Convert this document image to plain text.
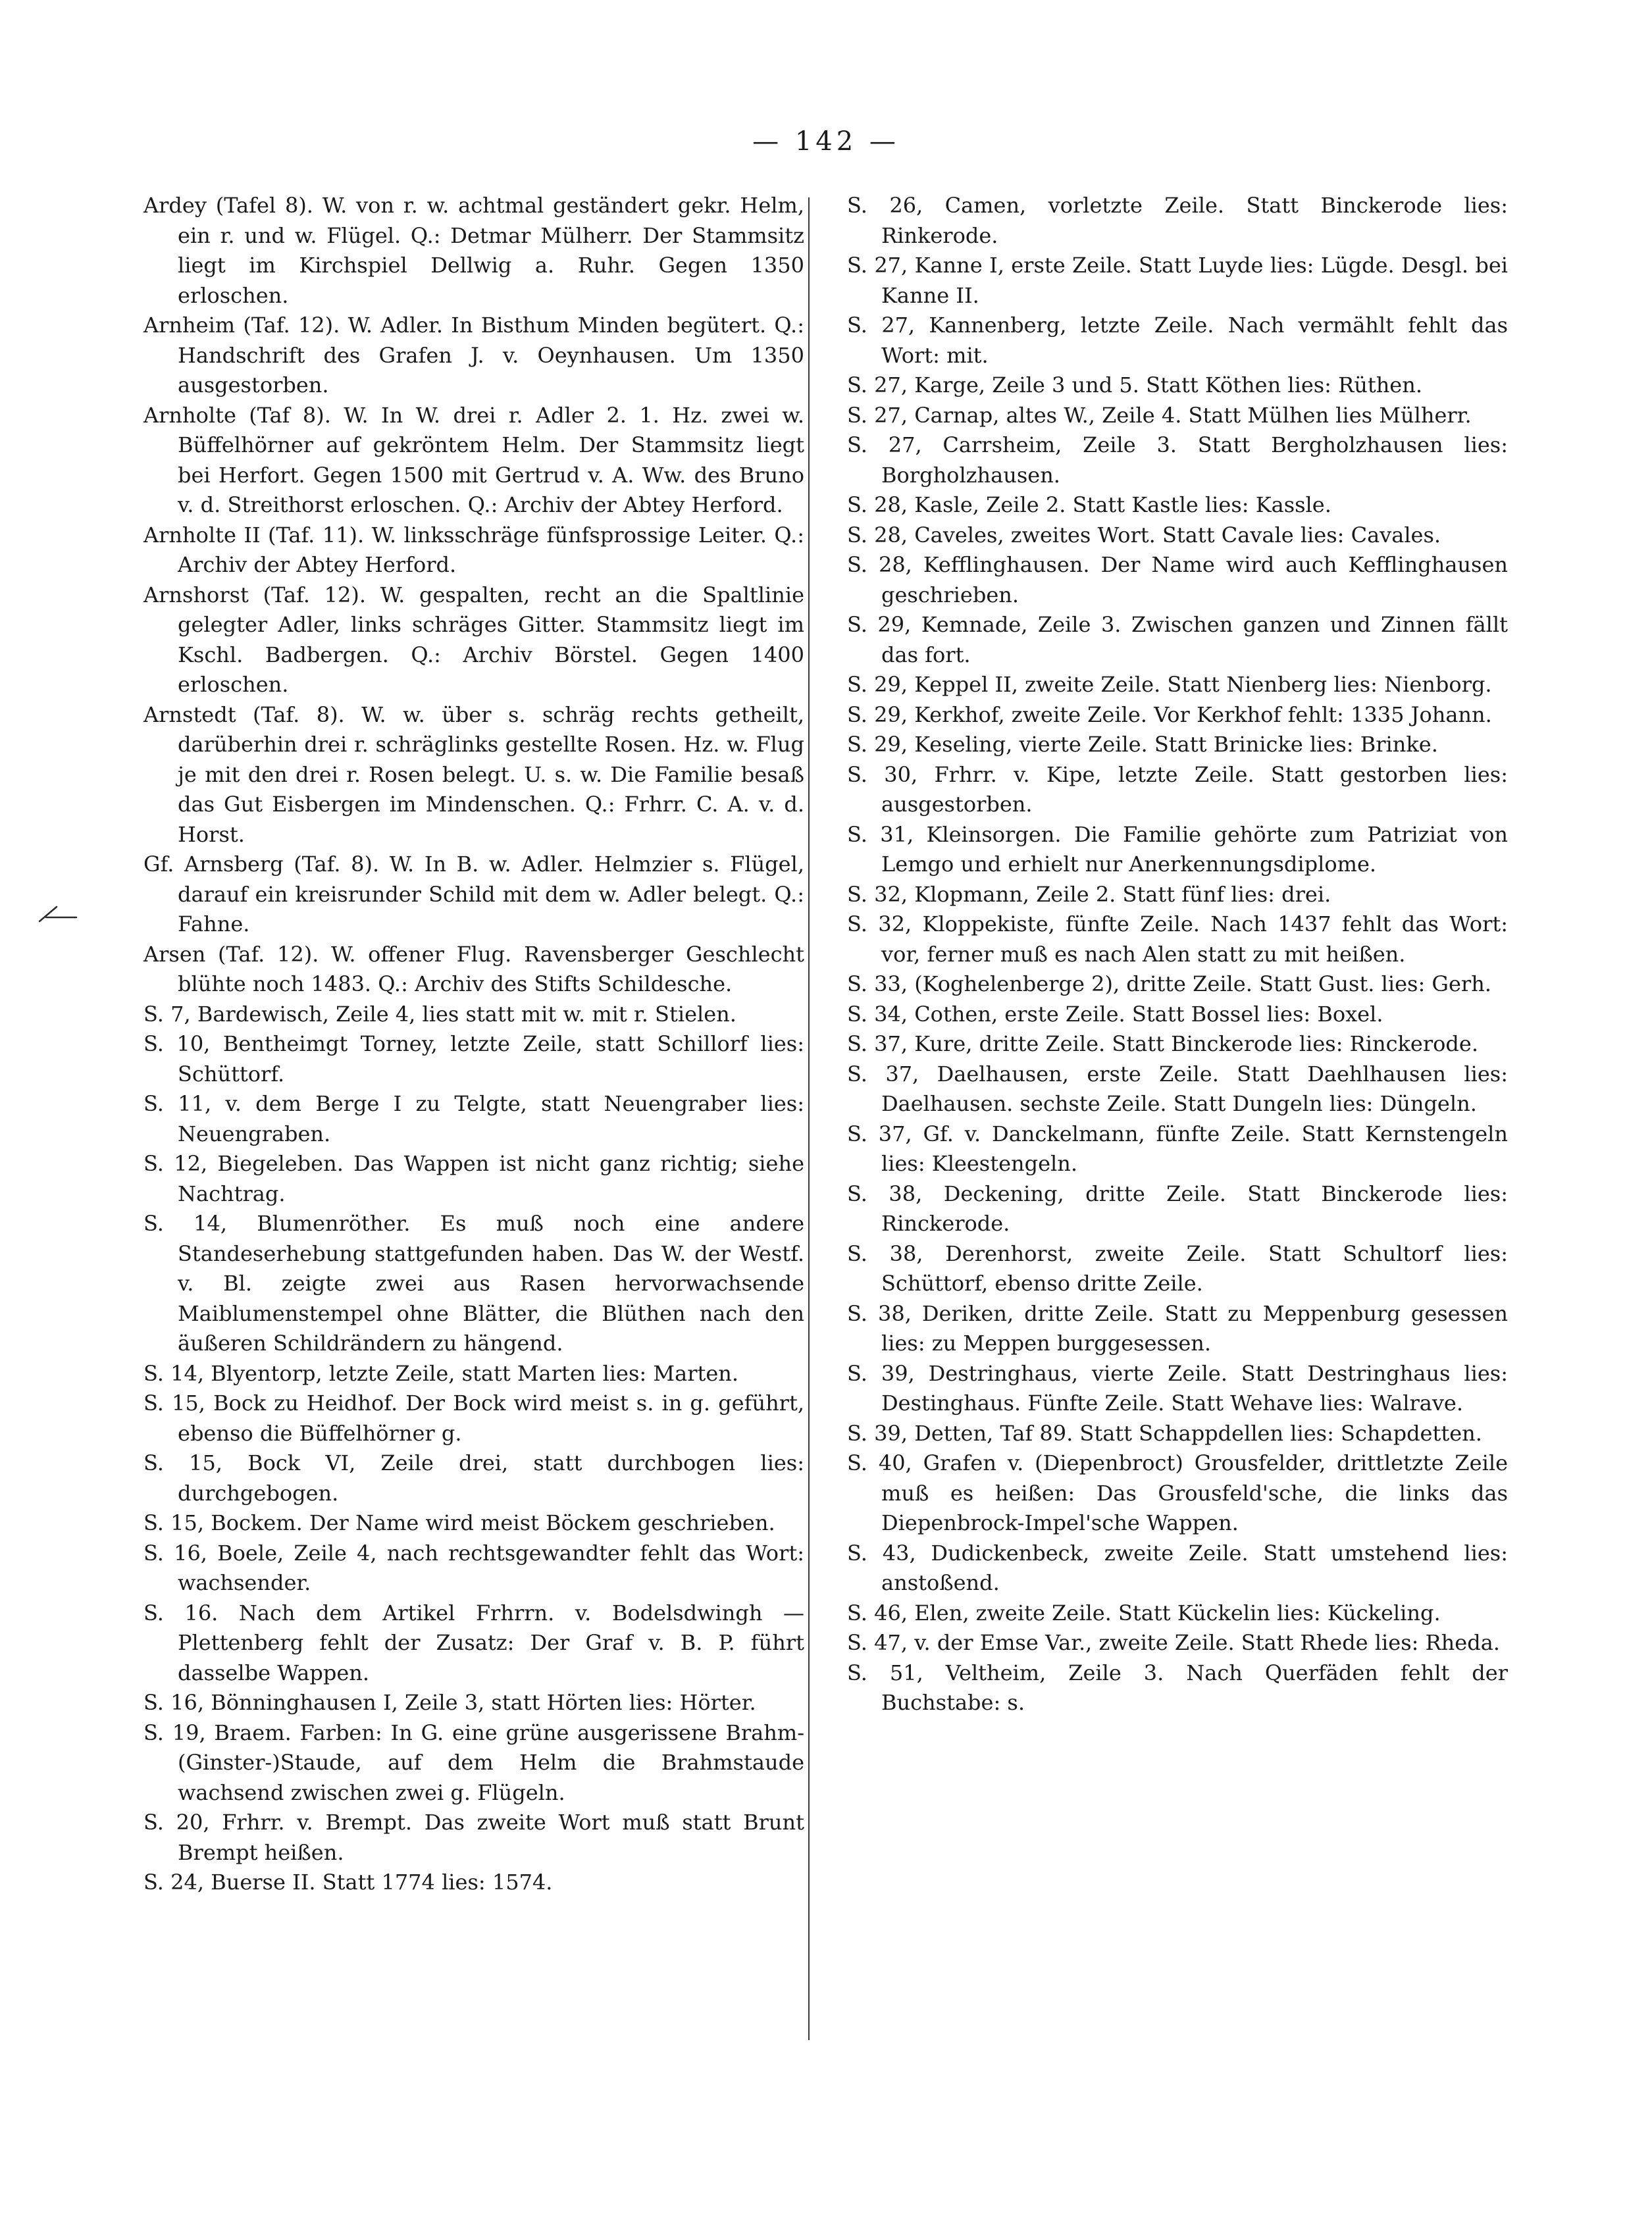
— 142 —

Ardey (Tafel 8). W. von r. w. achtmal geständert gekr. Helm, ein r. und w. Flügel. Q.: Detmar Mülherr. Der Stammsitz liegt im Kirchspiel Dellwig a. Ruhr. Gegen 1350 erloschen.

Arnheim (Taf. 12). W. Adler. In Bisthum Minden begütert. Q.: Handschrift des Grafen J. v. Oeynhausen. Um 1350 ausgestorben.

Arnholte (Taf 8). W. In W. drei r. Adler 2. 1. Hz. zwei w. Büffelhörner auf gekröntem Helm. Der Stammsitz liegt bei Herfort. Gegen 1500 mit Gertrud v. A. Ww. des Bruno v. d. Streithorst erloschen. Q.: Archiv der Abtey Herford.

Arnholte II (Taf. 11). W. linksschräge fünfsprossige Leiter. Q.: Archiv der Abtey Herford.

Arnshorst (Taf. 12). W. gespalten, recht an die Spaltlinie gelegter Adler, links schräges Gitter. Stammsitz liegt im Kschl. Badbergen. Q.: Archiv Börstel. Gegen 1400 erloschen.

Arnstedt (Taf. 8). W. w. über s. schräg rechts getheilt, darüberhin drei r. schräglinks gestellte Rosen. Hz. w. Flug je mit den drei r. Rosen belegt. U. s. w. Die Familie besaß das Gut Eisbergen im Mindenschen. Q.: Frhrr. C. A. v. d. Horst.

Gf. Arnsberg (Taf. 8). W. In B. w. Adler. Helmzier s. Flügel, darauf ein kreisrunder Schild mit dem w. Adler belegt. Q.: Fahne.

Arsen (Taf. 12). W. offener Flug. Ravensberger Geschlecht blühte noch 1483. Q.: Archiv des Stifts Schildesche.

S. 7, Bardewisch, Zeile 4, lies statt mit w. mit r. Stielen.

S. 10, Bentheimgt Torney, letzte Zeile, statt Schillorf lies: Schüttorf.

S. 11, v. dem Berge I zu Telgte, statt Neuengraber lies: Neuengraben.

S. 12, Biegeleben. Das Wappen ist nicht ganz richtig; siehe Nachtrag.

S. 14, Blumenröther. Es muß noch eine andere Standeserhebung stattgefunden haben. Das W. der Westf. v. Bl. zeigte zwei aus Rasen hervorwachsende Maiblumenstempel ohne Blätter, die Blüthen nach den äußeren Schildrändern zu hängend.

S. 14, Blyentorp, letzte Zeile, statt Marten lies: Marten.

S. 15, Bock zu Heidhof. Der Bock wird meist s. in g. geführt, ebenso die Büffelhörner g.

S. 15, Bock VI, Zeile drei, statt durchbogen lies: durchgebogen.

S. 15, Bockem. Der Name wird meist Böckem geschrieben.

S. 16, Boele, Zeile 4, nach rechtsgewandter fehlt das Wort: wachsender.

S. 16. Nach dem Artikel Frhrrn. v. Bodelsdwingh — Plettenberg fehlt der Zusatz: Der Graf v. B. P. führt dasselbe Wappen.

S. 16, Bönninghausen I, Zeile 3, statt Hörten lies: Hörter.

S. 19, Braem. Farben: In G. eine grüne ausgerissene Brahm-(Ginster-)Staude, auf dem Helm die Brahmstaude wachsend zwischen zwei g. Flügeln.

S. 20, Frhrr. v. Brempt. Das zweite Wort muß statt Brunt Brempt heißen.

S. 24, Buerse II. Statt 1774 lies: 1574.

S. 26, Camen, vorletzte Zeile. Statt Binckerode lies: Rinkerode.

S. 27, Kanne I, erste Zeile. Statt Luyde lies: Lügde. Desgl. bei Kanne II.

S. 27, Kannenberg, letzte Zeile. Nach vermählt fehlt das Wort: mit.

S. 27, Karge, Zeile 3 und 5. Statt Köthen lies: Rüthen.

S. 27, Carnap, altes W., Zeile 4. Statt Mülhen lies Mülherr.

S. 27, Carrsheim, Zeile 3. Statt Bergholzhausen lies: Borgholzhausen.

S. 28, Kasle, Zeile 2. Statt Kastle lies: Kassle.

S. 28, Caveles, zweites Wort. Statt Cavale lies: Cavales.

S. 28, Kefflinghausen. Der Name wird auch Kefflinghausen geschrieben.

S. 29, Kemnade, Zeile 3. Zwischen ganzen und Zinnen fällt das fort.

S. 29, Keppel II, zweite Zeile. Statt Nienberg lies: Nienborg.

S. 29, Kerkhof, zweite Zeile. Vor Kerkhof fehlt: 1335 Johann.

S. 29, Keseling, vierte Zeile. Statt Brinicke lies: Brinke.

S. 30, Frhrr. v. Kipe, letzte Zeile. Statt gestorben lies: ausgestorben.

S. 31, Kleinsorgen. Die Familie gehörte zum Patriziat von Lemgo und erhielt nur Anerkennungsdiplome.

S. 32, Klopmann, Zeile 2. Statt fünf lies: drei.

S. 32, Kloppekiste, fünfte Zeile. Nach 1437 fehlt das Wort: vor, ferner muß es nach Alen statt zu mit heißen.

S. 33, (Koghelenberge 2), dritte Zeile. Statt Gust. lies: Gerh.

S. 34, Cothen, erste Zeile. Statt Bossel lies: Boxel.

S. 37, Kure, dritte Zeile. Statt Binckerode lies: Rinckerode.

S. 37, Daelhausen, erste Zeile. Statt Daehlhausen lies: Daelhausen. sechste Zeile. Statt Dungeln lies: Düngeln.

S. 37, Gf. v. Danckelmann, fünfte Zeile. Statt Kernstengeln lies: Kleestengeln.

S. 38, Deckening, dritte Zeile. Statt Binckerode lies: Rinckerode.

S. 38, Derenhorst, zweite Zeile. Statt Schultorf lies: Schüttorf, ebenso dritte Zeile.

S. 38, Deriken, dritte Zeile. Statt zu Meppenburg gesessen lies: zu Meppen burggesessen.

S. 39, Destringhaus, vierte Zeile. Statt Destringhaus lies: Destinghaus. Fünfte Zeile. Statt Wehave lies: Walrave.

S. 39, Detten, Taf 89. Statt Schappdellen lies: Schapdetten.

S. 40, Grafen v. (Diepenbroct) Grousfelder, drittletzte Zeile muß es heißen: Das Grousfeld'sche, die links das Diepenbrock-Impel'sche Wappen.

S. 43, Dudickenbeck, zweite Zeile. Statt umstehend lies: anstoßend.

S. 46, Elen, zweite Zeile. Statt Kückelin lies: Kückeling.

S. 47, v. der Emse Var., zweite Zeile. Statt Rhede lies: Rheda.

S. 51, Veltheim, Zeile 3. Nach Querfäden fehlt der Buchstabe: s.
